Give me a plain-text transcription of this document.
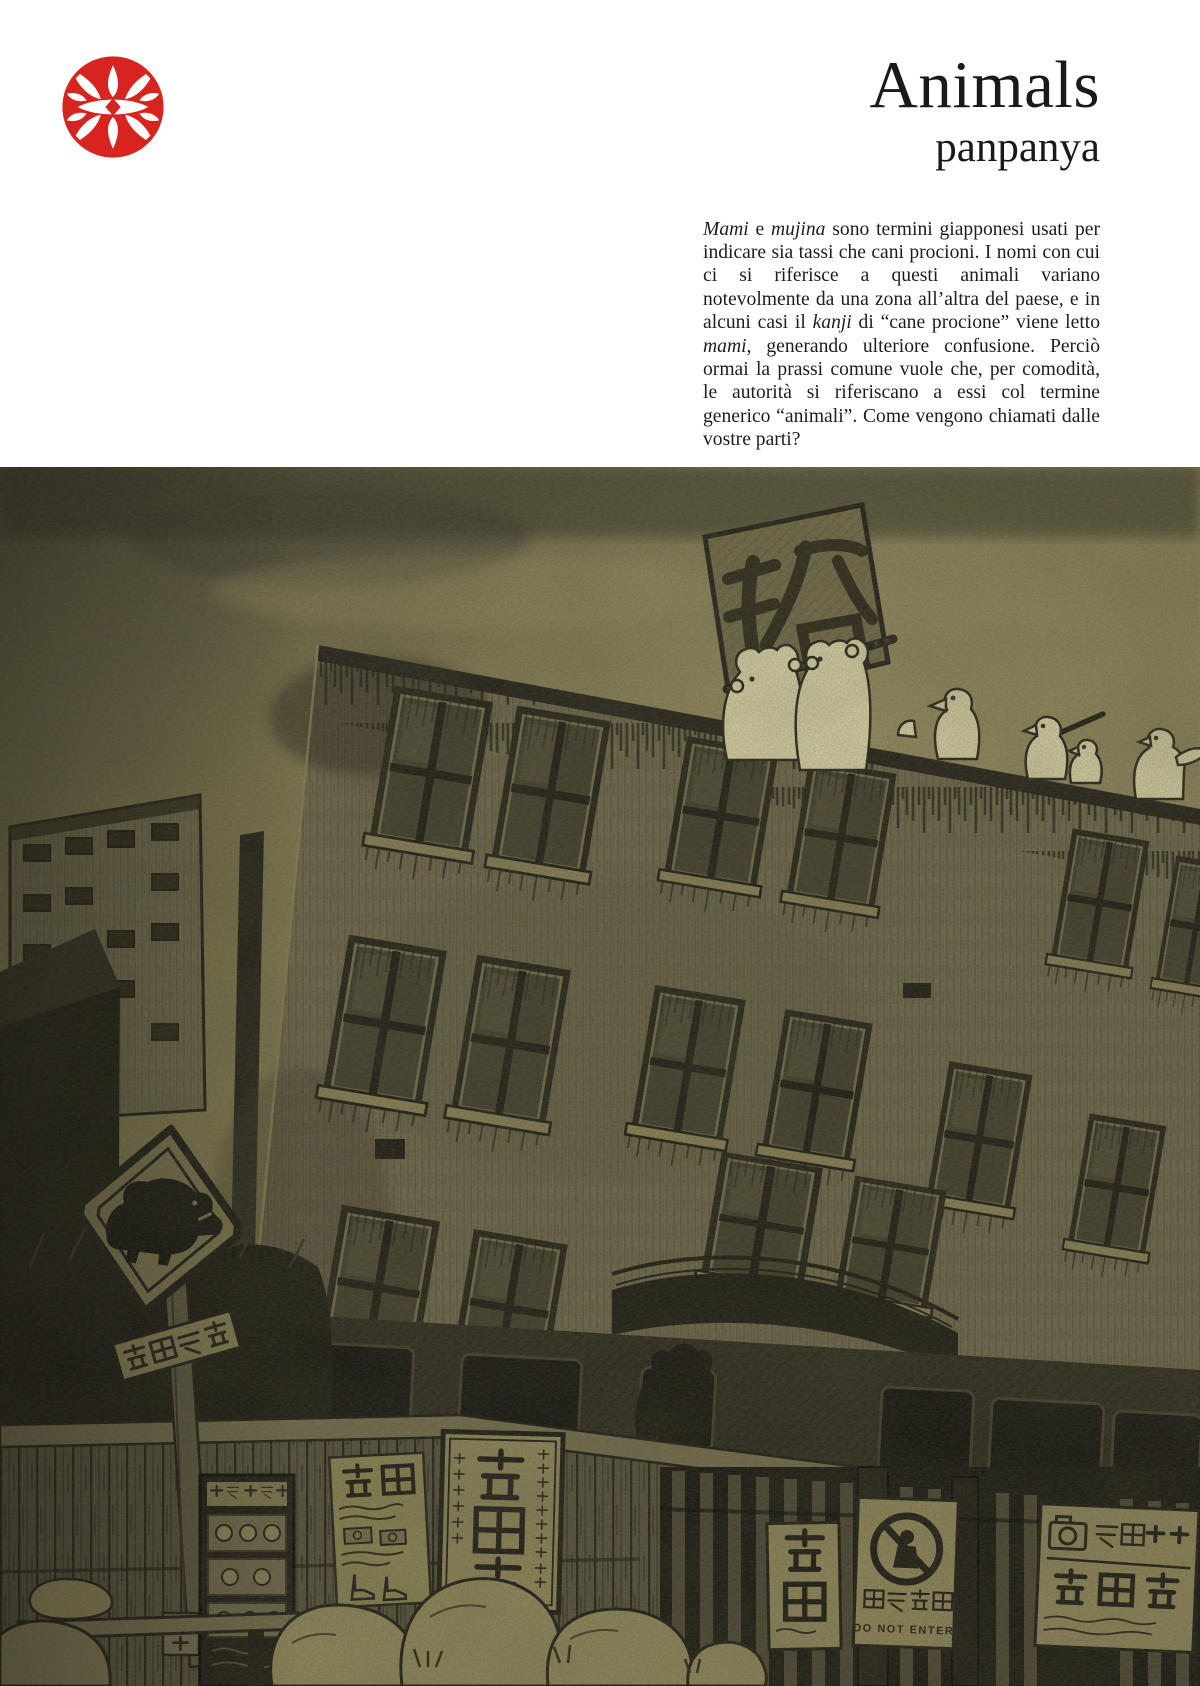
Animals
panpanya

Mami e mujina sono termini giapponesi usati per indicare sia tassi che cani procioni. I nomi con cui ci si riferisce a questi animali variano notevolmente da una zona all’altra del paese, e in alcuni casi il kanji di “cane procione” viene letto mami, generando ulteriore confusione. Perciò ormai la prassi comune vuole che, per comodità, le autorità si riferiscano a essi col termine generico “animali”. Come vengono chiamati dalle vostre parti?
